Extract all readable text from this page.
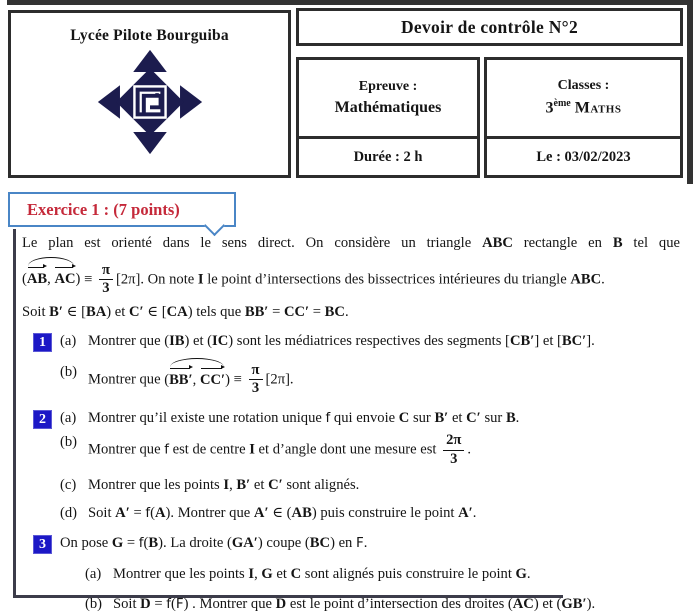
Lycée Pilote Bourguiba	Devoir de contrôle N°2
Epreuve :
Mathématiques
Durée : 2 h
Classes :
3ème Maths
Le : 03/02/2023
Exercice 1 : (7 points)
Le plan est orienté dans le sens direct. On considère un triangle ABC rectangle en B tel que
(AB, $AC) \equiv \frac{\pi}{3} [2\pi]$. On note I le point d’intersections des bissectrices intérieures du triangle ABC.
Soit B′ ∈ [BA) et C′ ∈ [CA) tels que BB′ = CC′ = BC.
1 (a) Montrer que (IB) et (IC) sont les médiatrices respectives des segments [CB′] et [BC′].
(b) Montrer que (BB′, $CC') \equiv \frac{\pi}{3} [2\pi]$.
2 (a) Montrer qu’il existe une rotation unique f qui envoie C sur B′ et C′ sur B.
(b) Montrer que f est de centre I et d’angle dont une mesure est $\frac{2\pi}{3}$ .
(c) Montrer que les points I, B′ et C′ sont alignés.
(d) Soit A′ = f(A). Montrer que A′ ∈ (AB) puis construire le point A′.
3 On pose G = f(B). La droite (GA′) coupe (BC) en F.
(a) Montrer que les points I, G et C sont alignés puis construire le point G.
(b) Soit D = f(F) . Montrer que D est le point d’intersection des droites (AC) et (GB′).
